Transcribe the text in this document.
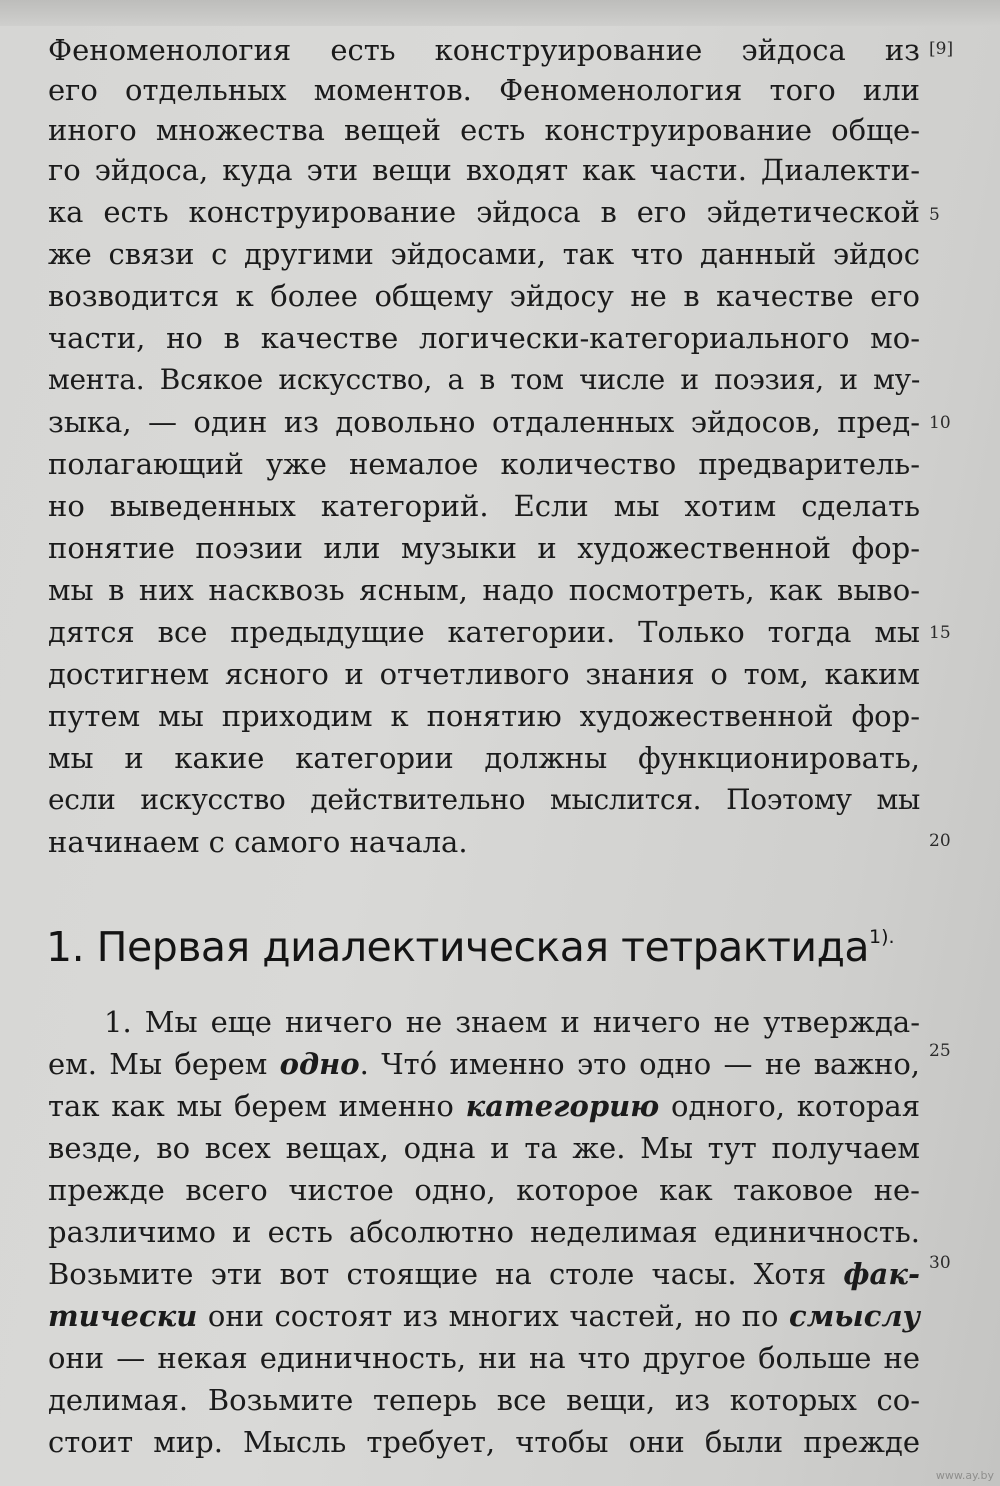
Феноменология есть конструирование эйдоса из

его отдельных моментов. Феноменология того или

иного множества вещей есть конструирование обще-

го эйдоса, куда эти вещи входят как части. Диалекти-

ка есть конструирование эйдоса в его эйдетической

же связи с другими эйдосами, так что данный эйдос

возводится к более общему эйдосу не в качестве его

части, но в качестве логически-категориального мо-

мента. Всякое искусство, а в том числе и поэзия, и му-

зыка, — один из довольно отдаленных эйдосов, пред-

полагающий уже немалое количество предваритель-

но выведенных категорий. Если мы хотим сделать

понятие поэзии или музыки и художественной фор-

мы в них насквозь ясным, надо посмотреть, как выво-

дятся все предыдущие категории. Только тогда мы

достигнем ясного и отчетливого знания о том, каким

путем мы приходим к понятию художественной фор-

мы и какие категории должны функционировать,

если искусство действительно мыслится. Поэтому мы

начинаем с самого начала.

1. Первая диалектическая тетрактида$^{1).}$

1. Мы еще ничего не знаем и ничего не утвержда-

ем. Мы берем одно. Чтó именно это одно — не важно,

так как мы берем именно категорию одного, которая

везде, во всех вещах, одна и та же. Мы тут получаем

прежде всего чистое одно, которое как таковое не-

различимо и есть абсолютно неделимая единичность.

Возьмите эти вот стоящие на столе часы. Хотя фак-

тически они состоят из многих частей, но по смыслу

они — некая единичность, ни на что другое больше не

делимая. Возьмите теперь все вещи, из которых со-

стоит мир. Мысль требует, чтобы они были прежде

[9]

5

10

15

20

25

30

www.ay.by
